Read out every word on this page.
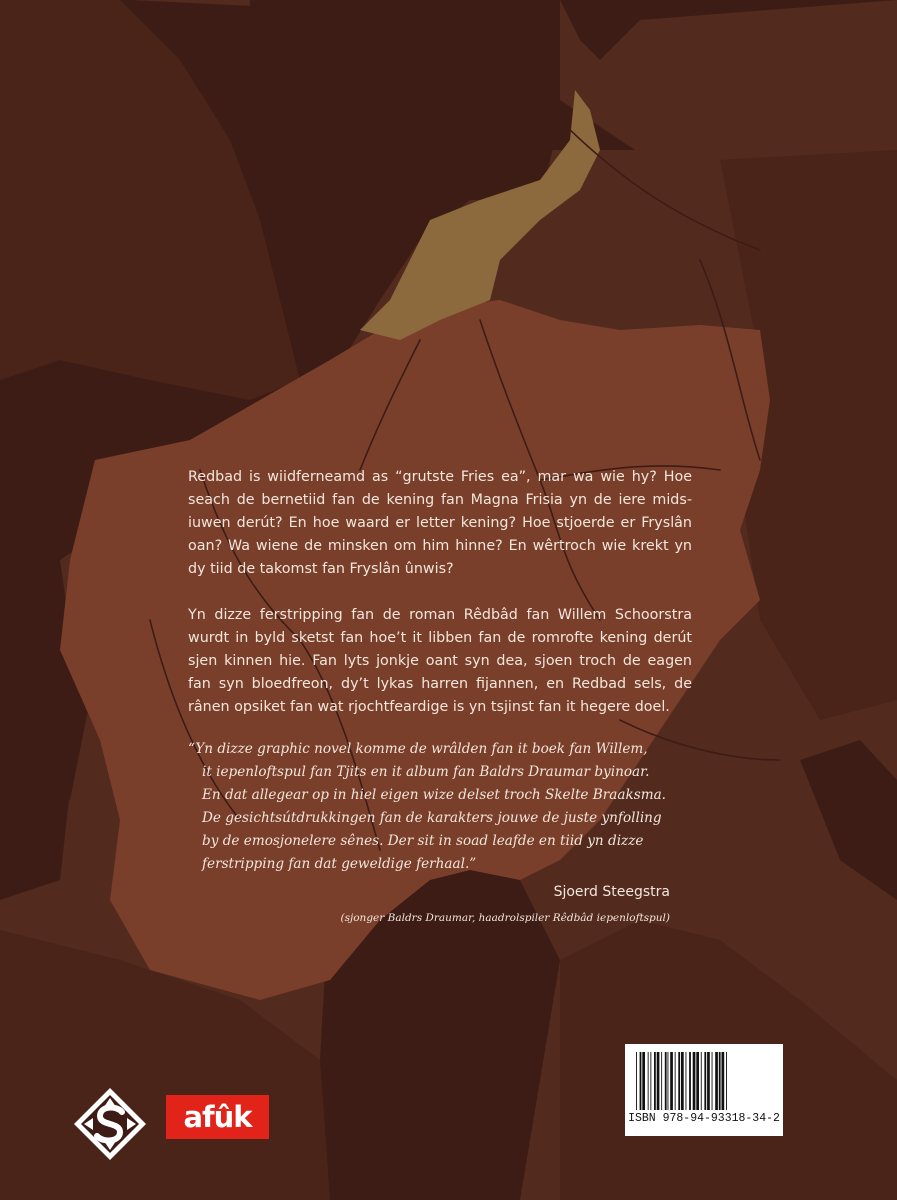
Redbad is wiidferneamd as “grutste Fries ea”, mar wa wie hy? Hoe seach de bernetiid fan de kening fan Magna Frisia yn de iere midsiuwen derút? En hoe waard er letter kening? Hoe stjoerde er Fryslân oan? Wa wiene de minsken om him hinne? En wêrtroch wie krekt yn dy tiid de takomst fan Fryslân ûnwis?

Yn dizze ferstripping fan de roman Rêdbâd fan Willem Schoorstra wurdt in byld sketst fan hoe’t it libben fan de romrofte kening derút sjen kinnen hie. Fan lyts jonkje oant syn dea, sjoen troch de eagen fan syn bloedfreon, dy’t lykas harren fijannen, en Redbad sels, de rânen opsiket fan wat rjochtfeardige is yn tsjinst fan it hegere doel.

“Yn dizze graphic novel komme de wrâlden fan it boek fan Willem,
it iepenloftspul fan Tjits en it album fan Baldrs Draumar byinoar.
En dat allegear op in hiel eigen wize delset troch Skelte Braaksma.
De gesichtsútdrukkingen fan de karakters jouwe de juste ynfolling
by de emosjonelere sênes. Der sit in soad leafde en tiid yn dizze
ferstripping fan dat geweldige ferhaal.”
Sjoerd Steegstra
(sjonger Baldrs Draumar, haadrolspiler Rêdbâd iepenloftspul)
ISBN 978-94-93318-34-2
afûk
